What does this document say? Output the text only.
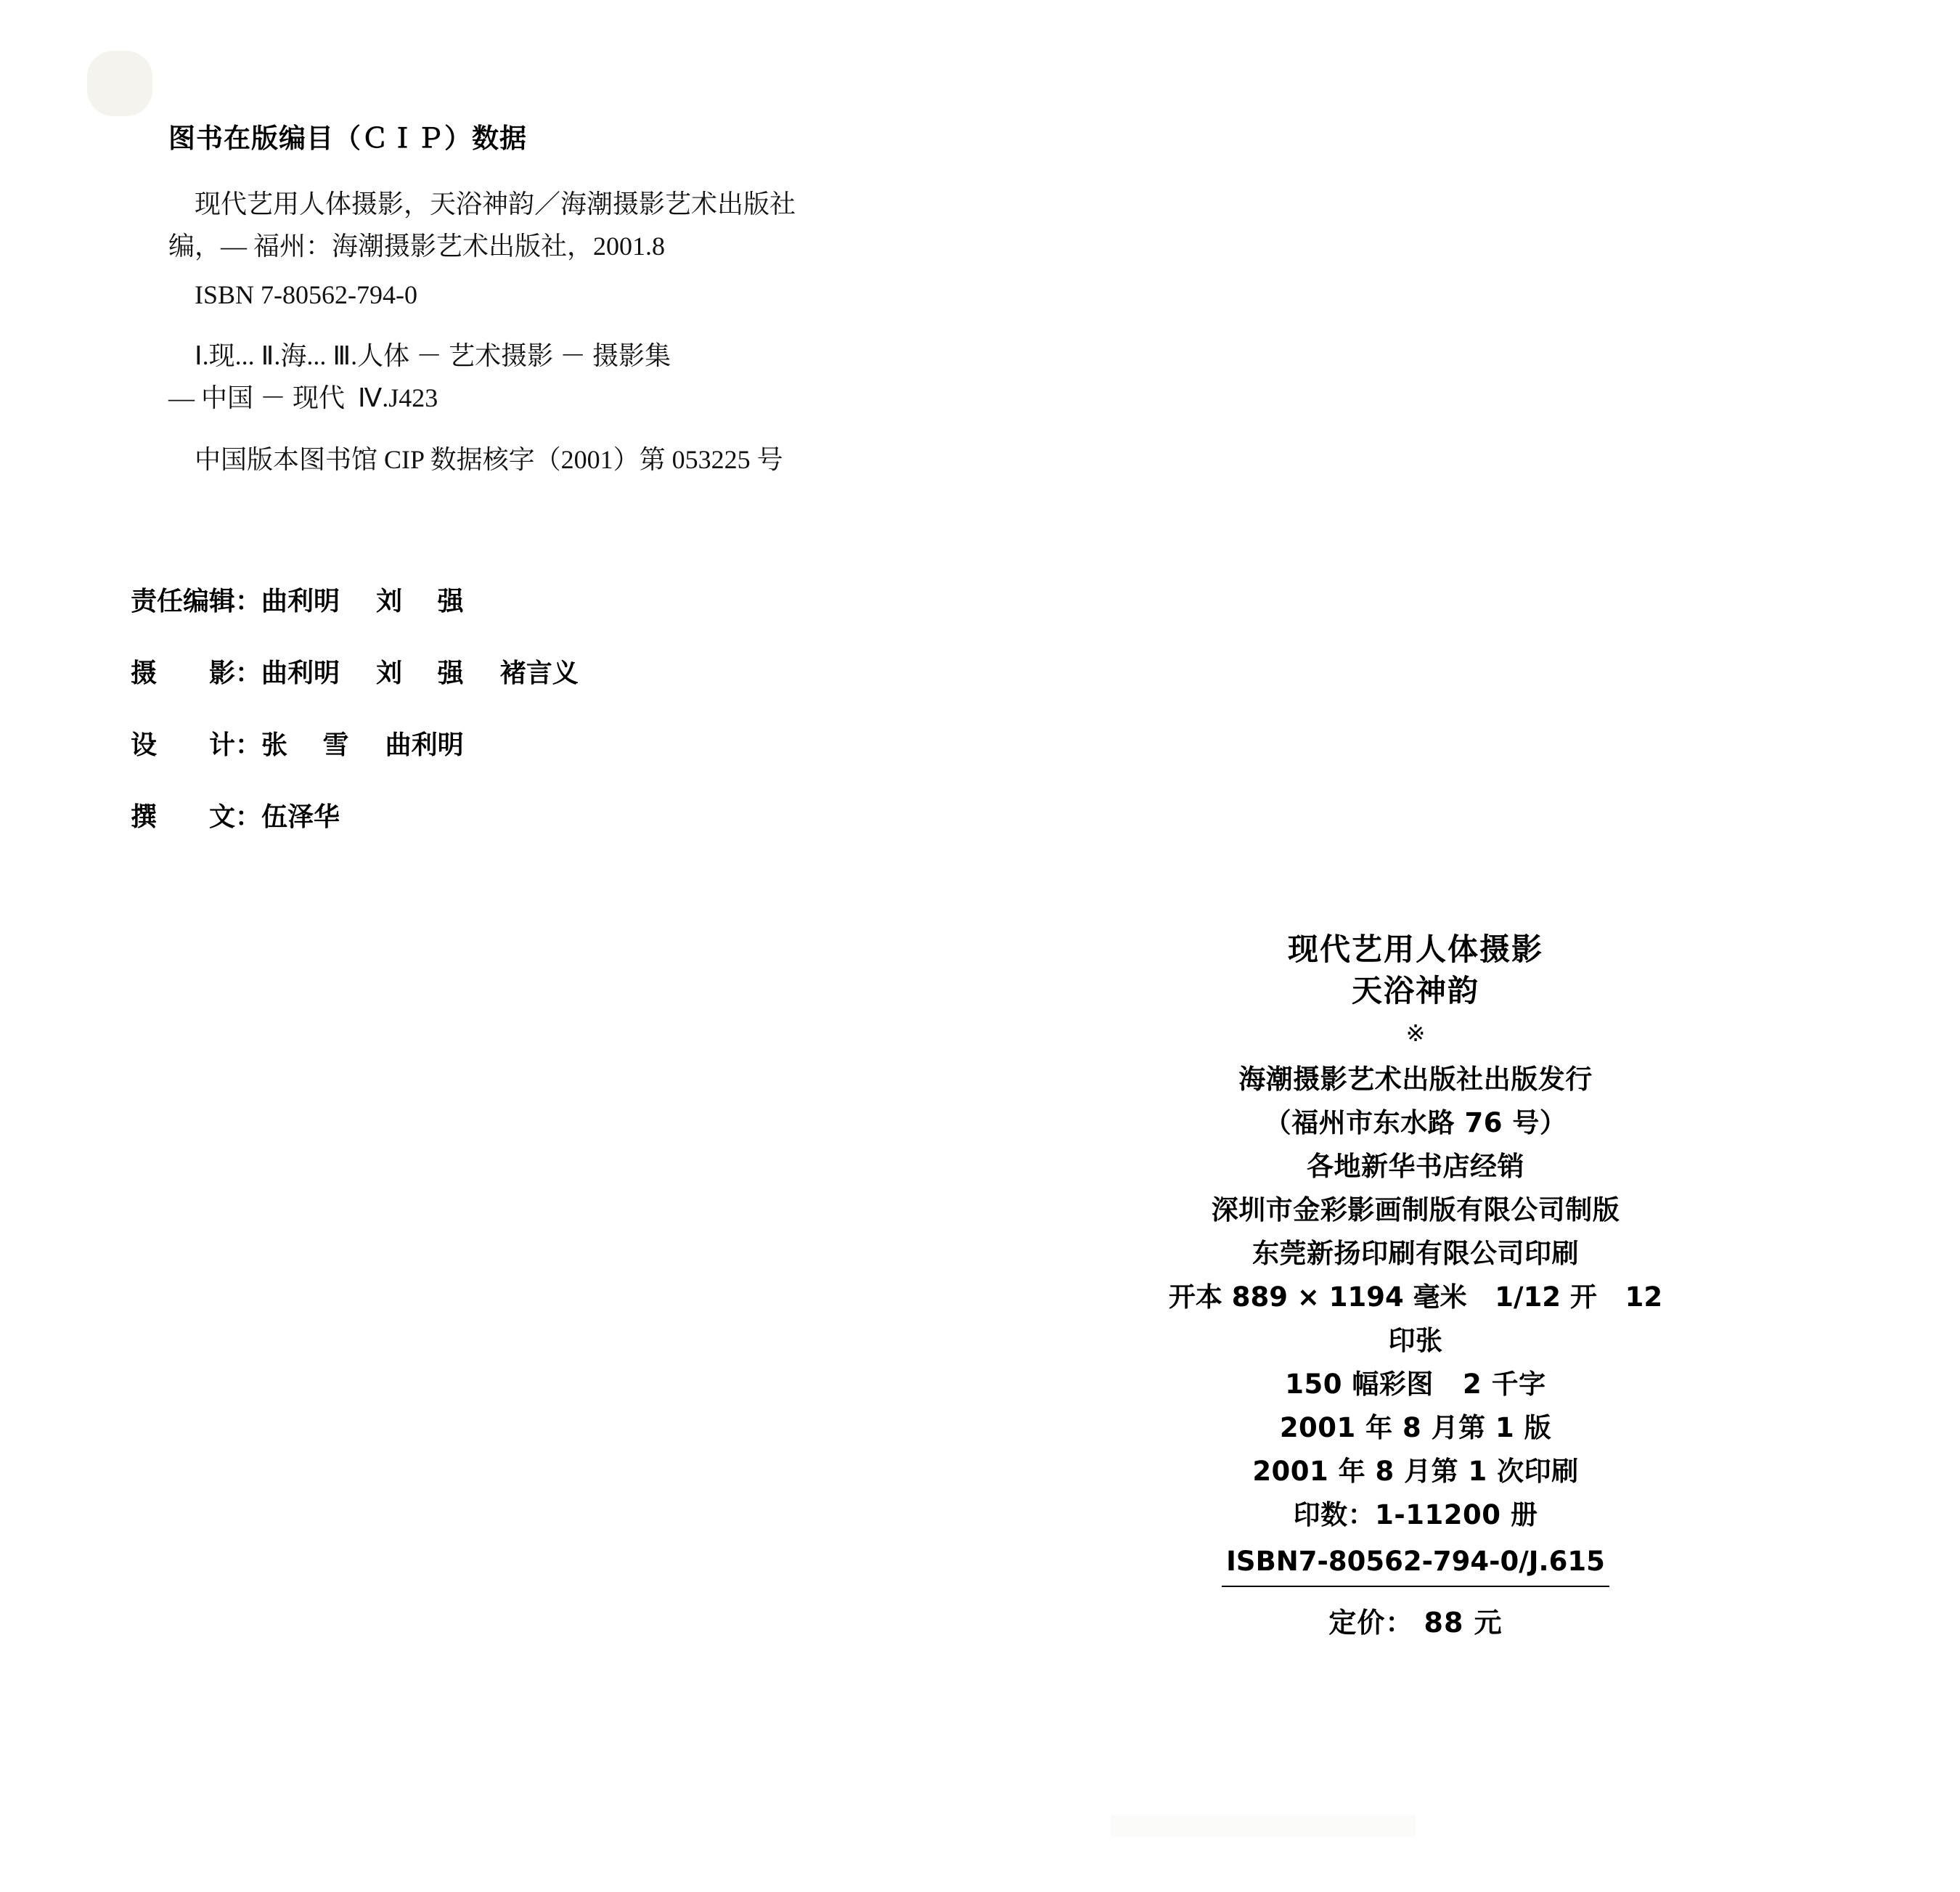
图书在版编目（ＣＩＰ）数据
现代艺用人体摄影，天浴神韵／海潮摄影艺术出版社
编，— 福州：海潮摄影艺术出版社，2001.8
ISBN 7-80562-794-0
Ⅰ.现... Ⅱ.海... Ⅲ.人体 － 艺术摄影 － 摄影集
— 中国 － 现代  Ⅳ.J423
中国版本图书馆 CIP 数据核字（2001）第 053225 号
责任编辑：曲利明    刘　 强
摄　　影：曲利明    刘　 强    褚言义
设　　计：张　 雪    曲利明
撰　　文：伍泽华
现代艺用人体摄影
天浴神韵
※
海潮摄影艺术出版社出版发行
（福州市东水路 76 号）
各地新华书店经销
深圳市金彩影画制版有限公司制版
东莞新扬印刷有限公司印刷
开本 889 × 1194 毫米   1/12 开   12
印张
150 幅彩图   2 千字
2001 年 8 月第 1 版
2001 年 8 月第 1 次印刷
印数：1-11200 册
ISBN7-80562-794-0/J.615
定价： 88 元
